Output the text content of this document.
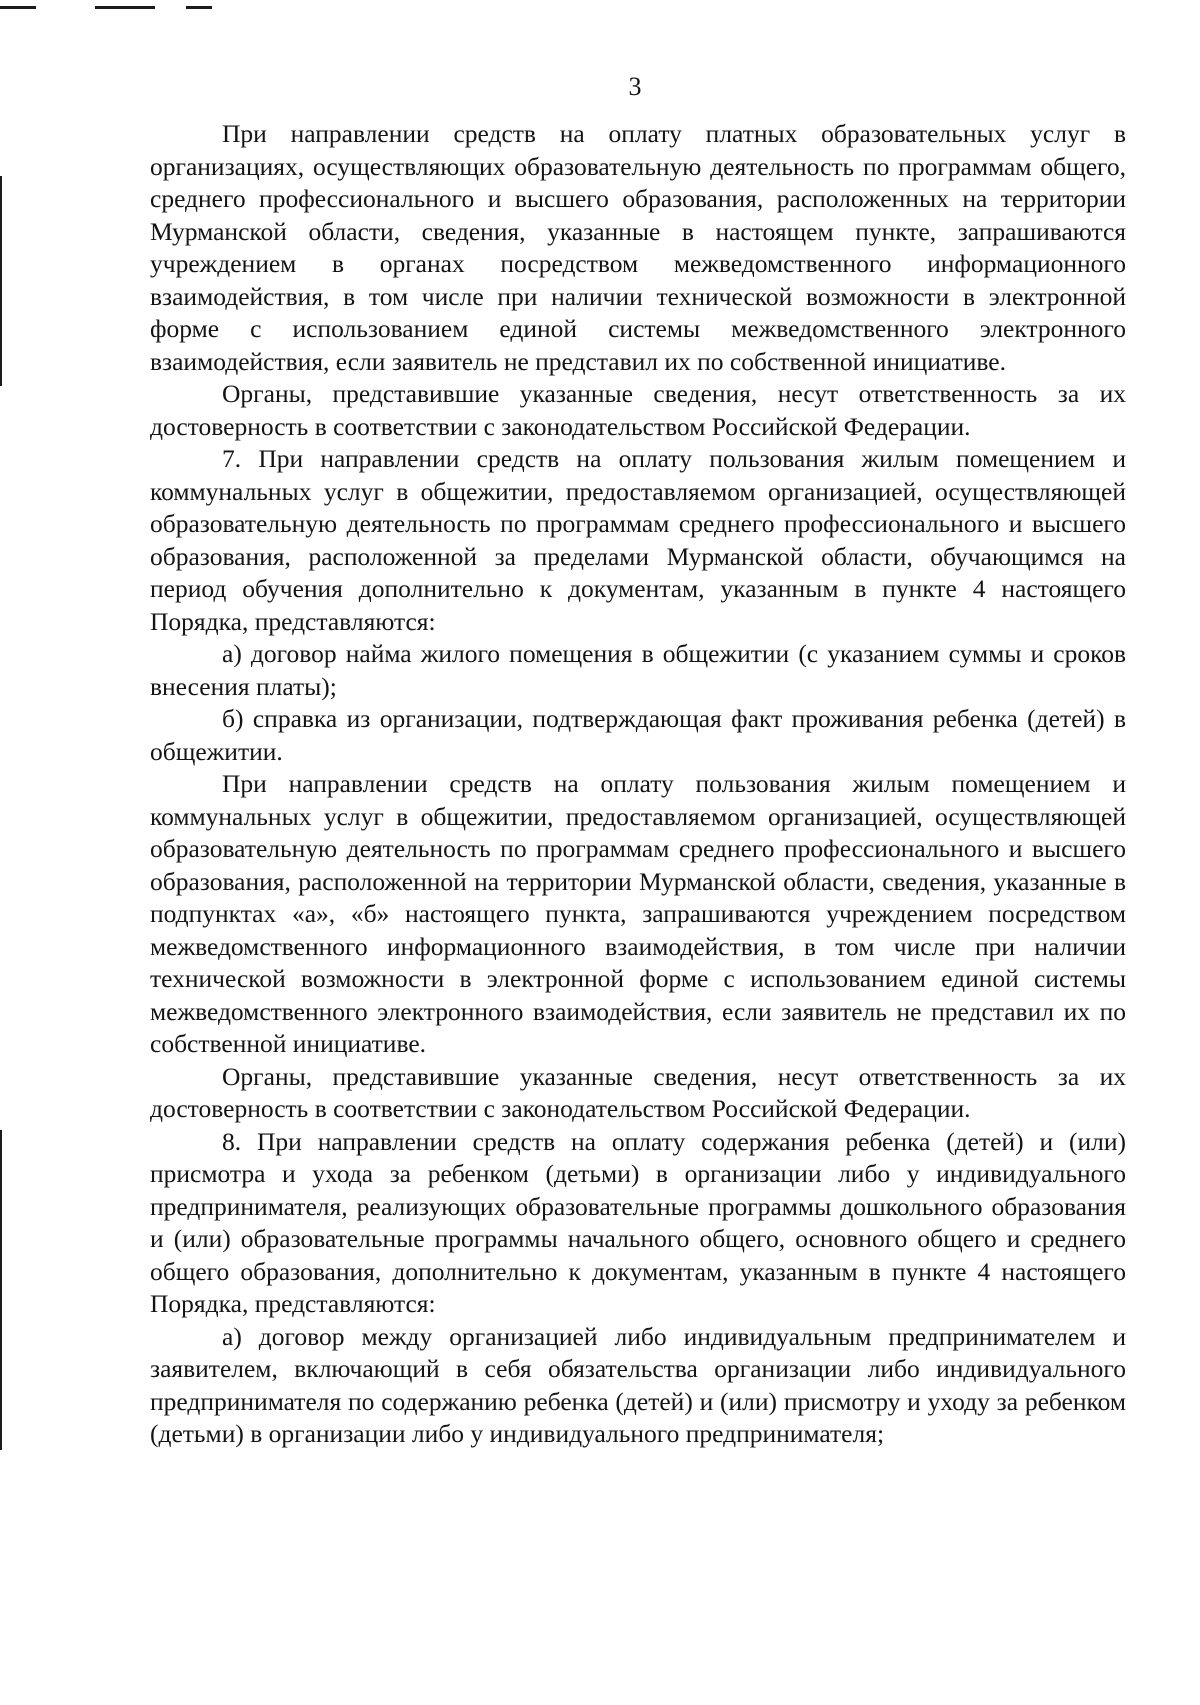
3

При направлении средств на оплату платных образовательных услуг в организациях, осуществляющих образовательную деятельность по программам общего, среднего профессионального и высшего образования, расположенных на территории Мурманской области, сведения, указанные в настоящем пункте, запрашиваются учреждением в органах посредством межведомственного информационного взаимодействия, в том числе при наличии технической возможности в электронной форме с использованием единой системы межведомственного электронного взаимодействия, если заявитель не представил их по собственной инициативе.

Органы, представившие указанные сведения, несут ответственность за их достоверность в соответствии с законодательством Российской Федерации.

7. При направлении средств на оплату пользования жилым помещением и коммунальных услуг в общежитии, предоставляемом организацией, осуществляющей образовательную деятельность по программам среднего профессионального и высшего образования, расположенной за пределами Мурманской области, обучающимся на период обучения дополнительно к документам, указанным в пункте 4 настоящего Порядка, представляются:

а) договор найма жилого помещения в общежитии (с указанием суммы и сроков внесения платы);

б) справка из организации, подтверждающая факт проживания ребенка (детей) в общежитии.

При направлении средств на оплату пользования жилым помещением и коммунальных услуг в общежитии, предоставляемом организацией, осуществляющей образовательную деятельность по программам среднего профессионального и высшего образования, расположенной на территории Мурманской области, сведения, указанные в подпунктах «а», «б» настоящего пункта, запрашиваются учреждением посредством межведомственного информационного взаимодействия, в том числе при наличии технической возможности в электронной форме с использованием единой системы межведомственного электронного взаимодействия, если заявитель не представил их по собственной инициативе.

Органы, представившие указанные сведения, несут ответственность за их достоверность в соответствии с законодательством Российской Федерации.

8. При направлении средств на оплату содержания ребенка (детей) и (или) присмотра и ухода за ребенком (детьми) в организации либо у индивидуального предпринимателя, реализующих образовательные программы дошкольного образования и (или) образовательные программы начального общего, основного общего и среднего общего образования, дополнительно к документам, указанным в пункте 4 настоящего Порядка, представляются:

а) договор между организацией либо индивидуальным предпринимателем и заявителем, включающий в себя обязательства организации либо индивидуального предпринимателя по содержанию ребенка (детей) и (или) присмотру и уходу за ребенком (детьми) в организации либо у индивидуального предпринимателя;
